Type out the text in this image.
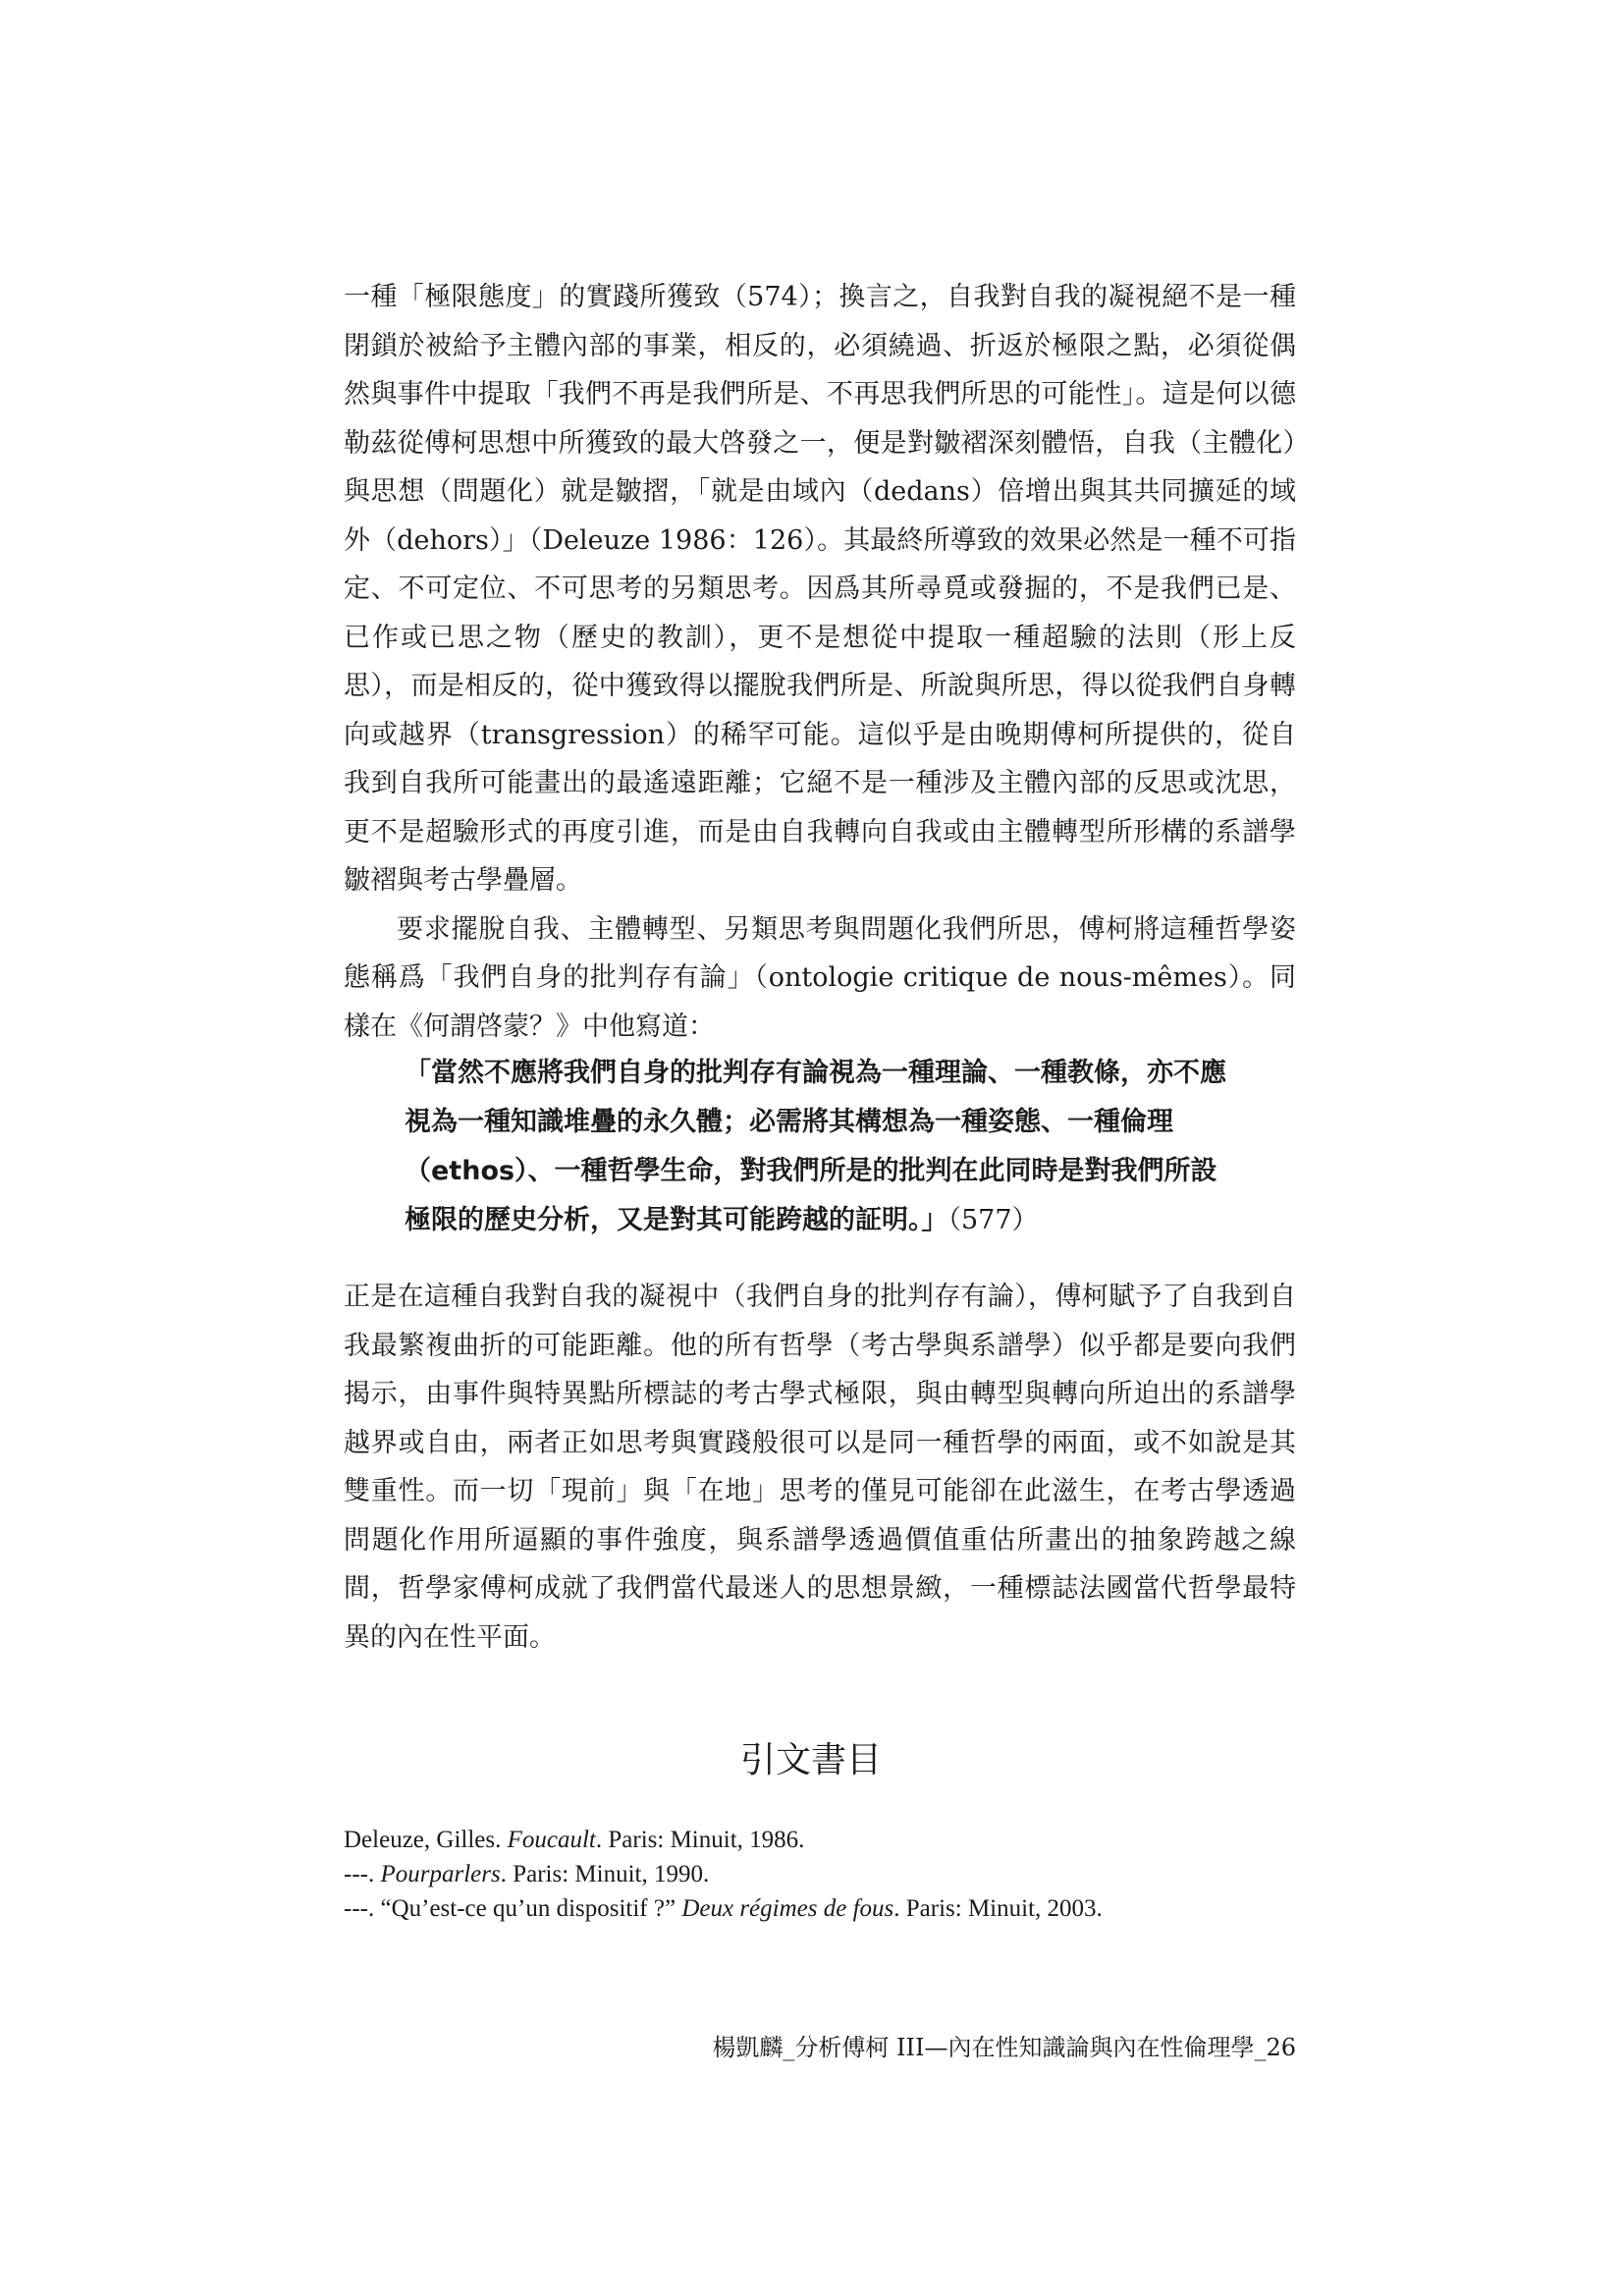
一種「極限態度」的實踐所獲致（574）；換言之，自我對自我的凝視絕不是一種閉鎖於被給予主體內部的事業，相反的，必須繞過、折返於極限之點，必須從偶然與事件中提取「我們不再是我們所是、不再思我們所思的可能性」。這是何以德勒茲從傅柯思想中所獲致的最大啓發之一，便是對皺褶深刻體悟，自我（主體化）與思想（問題化）就是皺摺，「就是由域內（dedans）倍增出與其共同擴延的域外（dehors）」（Deleuze 1986：126）。其最終所導致的效果必然是一種不可指定、不可定位、不可思考的另類思考。因爲其所尋覓或發掘的，不是我們已是、已作或已思之物（歷史的教訓），更不是想從中提取一種超驗的法則（形上反思），而是相反的，從中獲致得以擺脫我們所是、所說與所思，得以從我們自身轉向或越界（transgression）的稀罕可能。這似乎是由晚期傅柯所提供的，從自我到自我所可能畫出的最遙遠距離；它絕不是一種涉及主體內部的反思或沈思，更不是超驗形式的再度引進，而是由自我轉向自我或由主體轉型所形構的系譜學皺褶與考古學疊層。

要求擺脫自我、主體轉型、另類思考與問題化我們所思，傅柯將這種哲學姿態稱爲「我們自身的批判存有論」（ontologie critique de nous-mêmes）。同樣在《何謂啓蒙？》中他寫道：

「當然不應將我們自身的批判存有論視為一種理論、一種教條，亦不應視為一種知識堆疊的永久體；必需將其構想為一種姿態、一種倫理（ethos）、一種哲學生命，對我們所是的批判在此同時是對我們所設極限的歷史分析，又是對其可能跨越的証明。」（577）

正是在這種自我對自我的凝視中（我們自身的批判存有論），傅柯賦予了自我到自我最繁複曲折的可能距離。他的所有哲學（考古學與系譜學）似乎都是要向我們揭示，由事件與特異點所標誌的考古學式極限，與由轉型與轉向所迫出的系譜學越界或自由，兩者正如思考與實踐般很可以是同一種哲學的兩面，或不如說是其雙重性。而一切「現前」與「在地」思考的僅見可能卻在此滋生，在考古學透過問題化作用所逼顯的事件強度，與系譜學透過價值重估所畫出的抽象跨越之線間，哲學家傅柯成就了我們當代最迷人的思想景緻，一種標誌法國當代哲學最特異的內在性平面。

引文書目
Deleuze, Gilles. Foucault. Paris: Minuit, 1986.
---. Pourparlers. Paris: Minuit, 1990.
---. “Qu’est-ce qu’un dispositif ?” Deux régimes de fous. Paris: Minuit, 2003.
楊凱麟_分析傅柯 III—內在性知識論與內在性倫理學_26
